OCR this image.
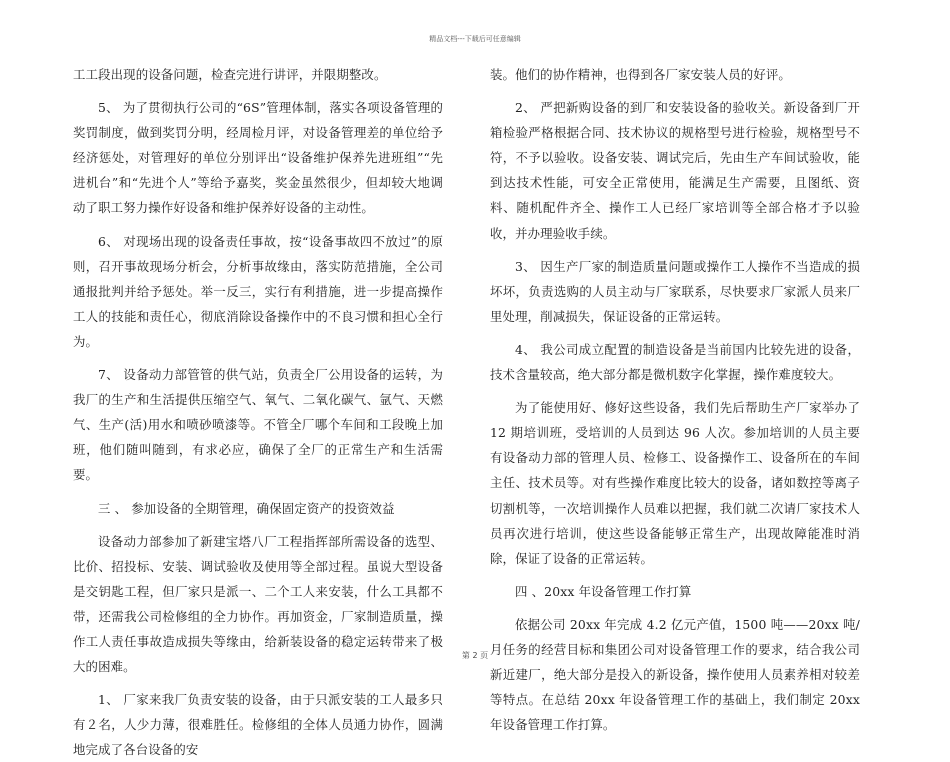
精品文档---下载后可任意编辑

工工段出现的设备问题，检查完进行讲评，并限期整改。

5、 为了贯彻执行公司的“6S”管理体制，落实各项设备管理的奖罚制度，做到奖罚分明，经周检月评，对设备管理差的单位给予经济惩处，对管理好的单位分别评出“设备维护保养先进班组”“先进机台”和“先进个人”等给予嘉奖，奖金虽然很少，但却较大地调动了职工努力操作好设备和维护保养好设备的主动性。

6、 对现场出现的设备责任事故，按“设备事故四不放过”的原则，召开事故现场分析会，分析事故缘由，落实防范措施，全公司通报批判并给予惩处。举一反三，实行有利措施，进一步提高操作工人的技能和责任心，彻底消除设备操作中的不良习惯和担心全行为。

7、 设备动力部管管的供气站，负责全厂公用设备的运转，为我厂的生产和生活提供压缩空气、氧气、二氧化碳气、氩气、天燃气、生产(活)用水和喷砂喷漆等。不管全厂哪个车间和工段晚上加班，他们随叫随到，有求必应，确保了全厂的正常生产和生活需要。

三 、 参加设备的全期管理，确保固定资产的投资效益

设备动力部参加了新建宝塔八厂工程指挥部所需设备的选型、比价、招投标、安装、调试验收及使用等全部过程。虽说大型设备是交钥匙工程，但厂家只是派一、二个工人来安装，什么工具都不带，还需我公司检修组的全力协作。再加资金，厂家制造质量，操作工人责任事故造成损失等缘由，给新装设备的稳定运转带来了极大的困难。

1、 厂家来我厂负责安装的设备，由于只派安装的工人最多只有２名，人少力薄，很难胜任。检修组的全体人员通力协作，圆满地完成了各台设备的安

装。他们的协作精神，也得到各厂家安装人员的好评。

2、 严把新购设备的到厂和安装设备的验收关。新设备到厂开箱检验严格根据合同、技术协议的规格型号进行检验，规格型号不符，不予以验收。设备安装、调试完后，先由生产车间试验收，能到达技术性能，可安全正常使用，能满足生产需要，且图纸、资料、随机配件齐全、操作工人已经厂家培训等全部合格才予以验收，并办理验收手续。

3、 因生产厂家的制造质量问题或操作工人操作不当造成的损坏坏，负责选购的人员主动与厂家联系，尽快要求厂家派人员来厂里处理，削减损失，保证设备的正常运转。

4、 我公司成立配置的制造设备是当前国内比较先进的设备，技术含量较高，绝大部分都是微机数字化掌握，操作难度较大。

为了能使用好、修好这些设备，我们先后帮助生产厂家举办了 12 期培训班，受培训的人员到达 96 人次。参加培训的人员主要有设备动力部的管理人员、检修工、设备操作工、设备所在的车间主任、技术员等。对有些操作难度比较大的设备，诸如数控等离子切割机等，一次培训操作人员难以把握，我们就二次请厂家技术人员再次进行培训，使这些设备能够正常生产，出现故障能准时消除，保证了设备的正常运转。

四 、20xx 年设备管理工作打算

依据公司 20xx 年完成 4.2 亿元产值，1500 吨——20xx 吨/月任务的经营目标和集团公司对设备管理工作的要求，结合我公司新近建厂，绝大部分是投入的新设备，操作使用人员素养相对较差等特点。在总结 20xx 年设备管理工作的基础上，我们制定 20xx 年设备管理工作打算。

第 2 页
